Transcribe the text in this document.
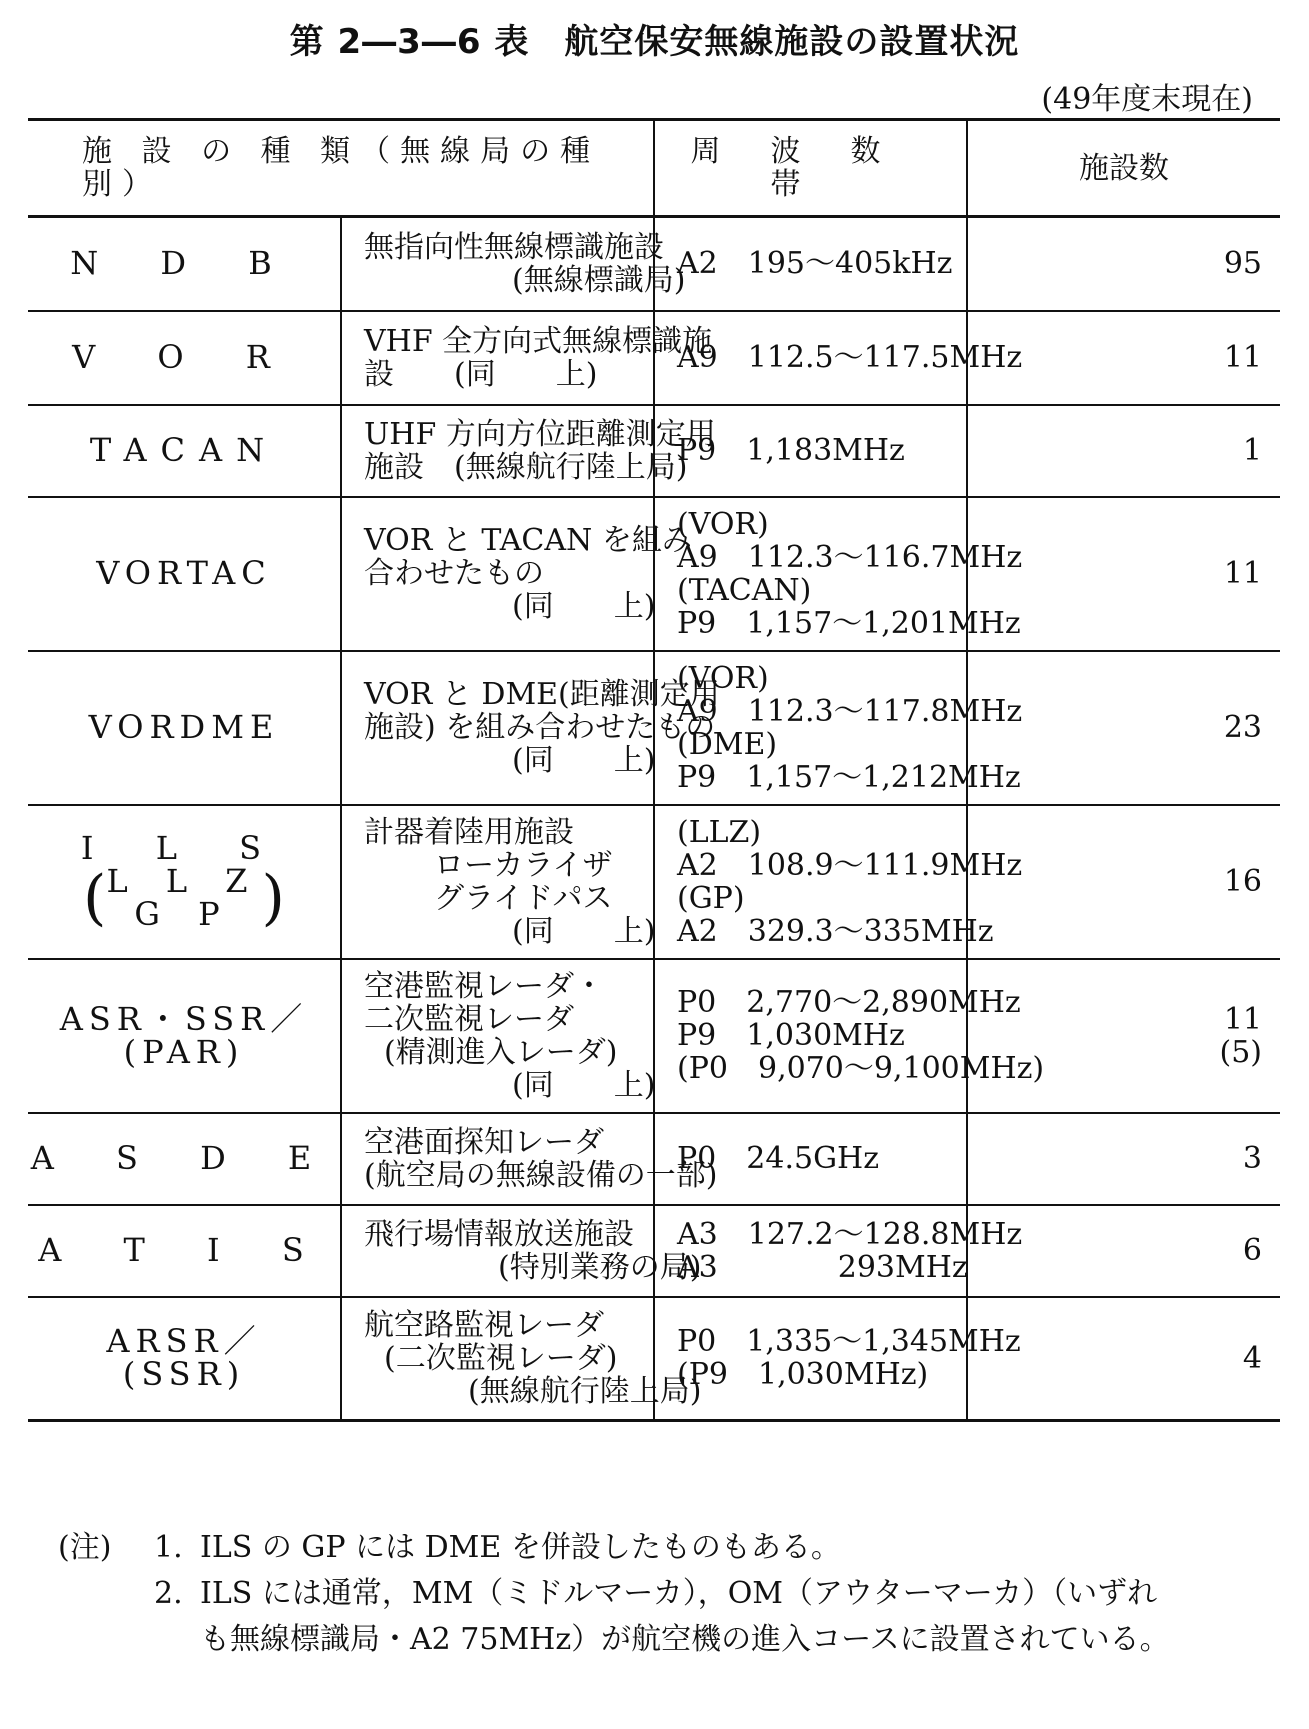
第 2―3―6 表　航空保安無線施設の設置状況
(49年度末現在)
施 設 の 種 類（無線局の種別）		周波数帯	施設数

N D B	無指向性無線標識施設
(無線標識局)	A2　195〜405kHz	95

V O R	VHF 全方向式無線標識施
設　　(同　　上)	A9　112.5〜117.5MHz	11

TACAN	UHF 方向方位距離測定用
施設　(無線航行陸上局)	P9　1,183MHz	1

VORTAC	VOR と TACAN を組み
合わせたもの
(同　　上)	(VOR)
A9　112.3〜116.7MHz
(TACAN)
P9　1,157〜1,201MHz	11

VORDME	VOR と DME(距離測定用
施設) を組み合わせたもの
(同　　上)	(VOR)
A9　112.3〜117.8MHz
(DME)
P9　1,157〜1,212MHz	23

I L S
( L L Z
G P )	計器着陸用施設
ローカライザ
グライドパス
(同　　上)	(LLZ)
A2　108.9〜111.9MHz
(GP)
A2　329.3〜335MHz	16

ASR・SSR／
(PAR)	空港監視レーダ・
二次監視レーダ
(精測進入レーダ)
(同　　上)	P0　2,770〜2,890MHz
P9　1,030MHz
(P0　9,070〜9,100MHz)	11
(5)

A S D E	空港面探知レーダ
(航空局の無線設備の一部)	P0　24.5GHz	3

A T I S	飛行場情報放送施設
(特別業務の局)	A3　127.2〜128.8MHz
A3　　　　293MHz	6

ARSR／
(SSR)	航空路監視レーダ
(二次監視レーダ)
(無線航行陸上局)	P0　1,335〜1,345MHz
(P9　1,030MHz)	4
(注) 1. ILS の GP には DME を併設したものもある。
2. ILS には通常，MM（ミドルマーカ），OM（アウターマーカ）（いずれ
も無線標識局・A2 75MHz）が航空機の進入コースに設置されている。
